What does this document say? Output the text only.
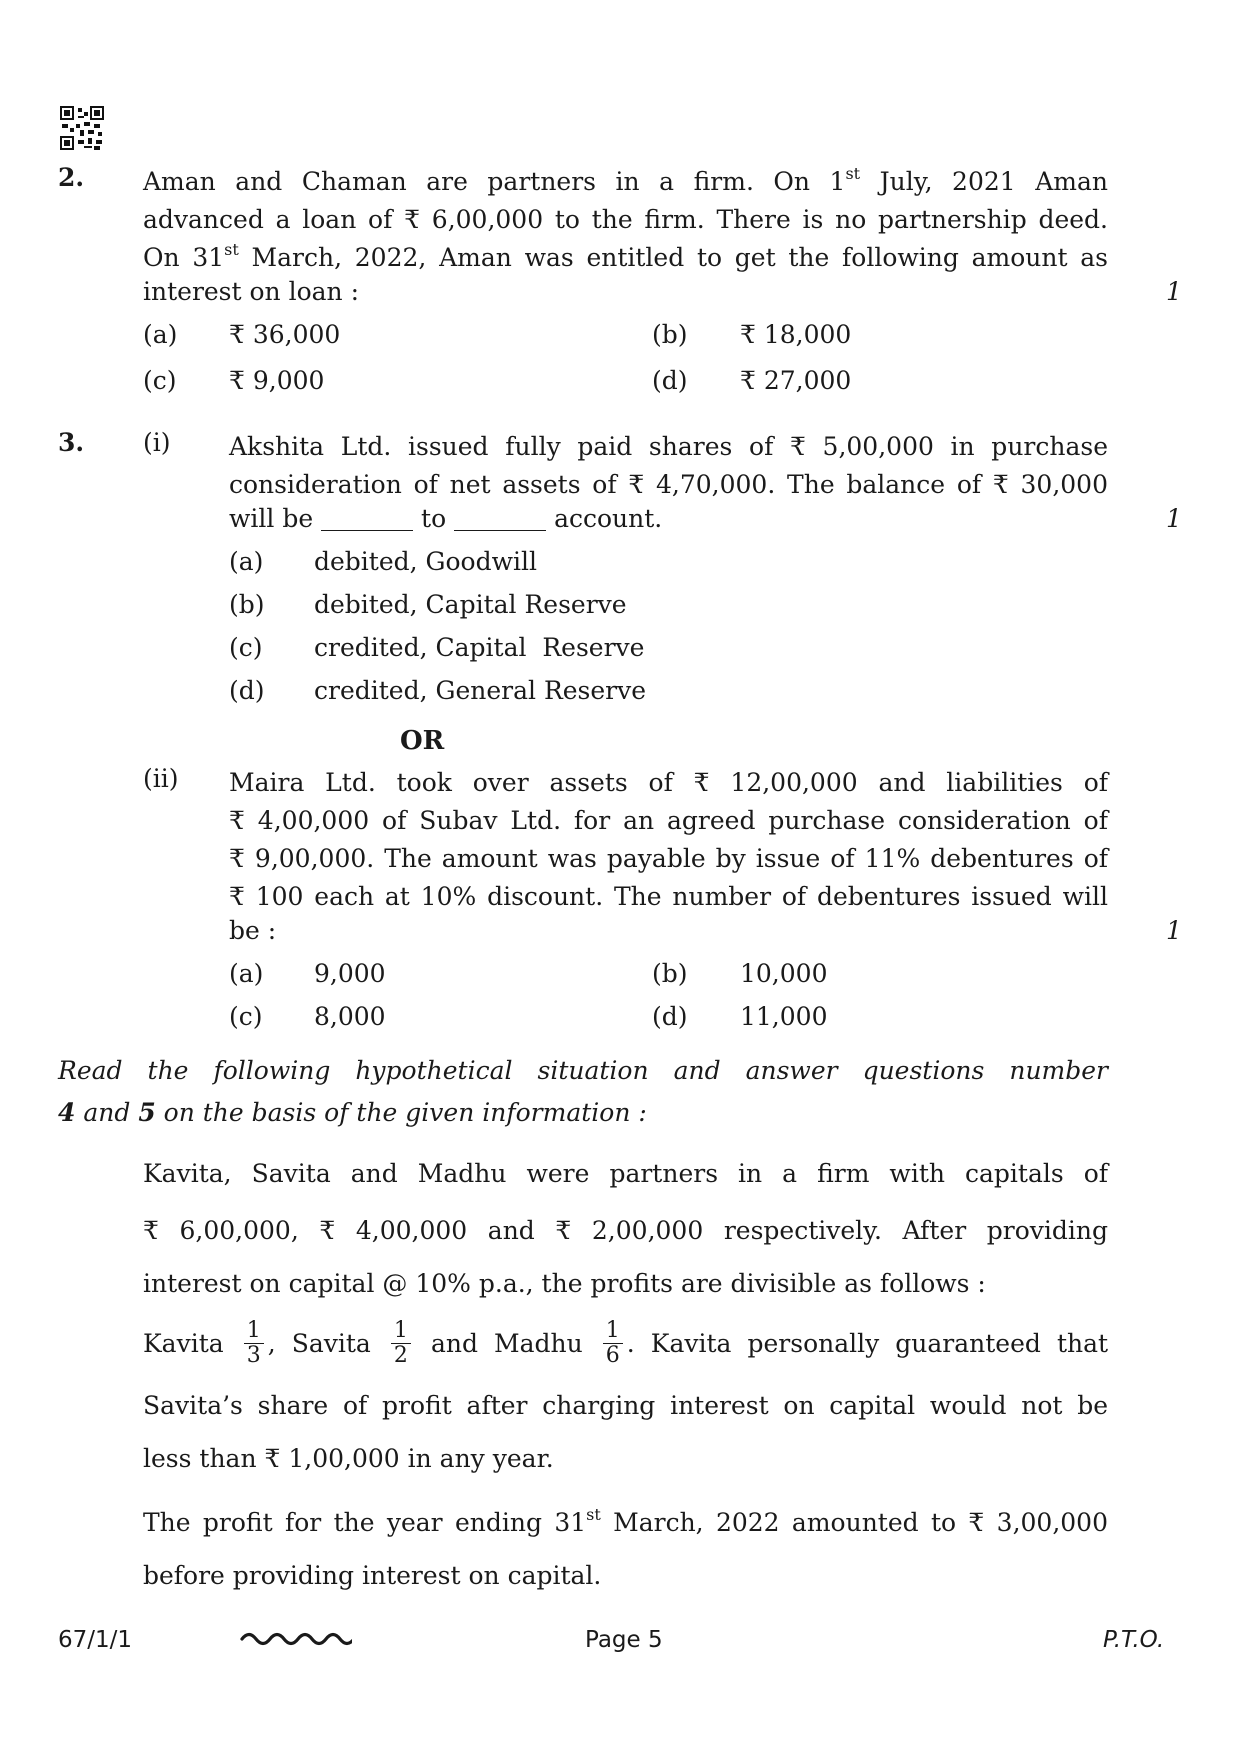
2. Aman and Chaman are partners in a firm. On 1st July, 2021 Aman
advanced a loan of ₹ 6,00,000 to the firm. There is no partnership deed.
On 31st March, 2022, Aman was entitled to get the following amount as
interest on loan :	1
(a) ₹ 36,000	(b) ₹ 18,000
(c) ₹ 9,000	(d) ₹ 27,000
3. (i) Akshita Ltd. issued fully paid shares of ₹ 5,00,000 in purchase
consideration of net assets of ₹ 4,70,000. The balance of ₹ 30,000
will be	to	account.	1
(a) debited, Goodwill
(b) debited, Capital Reserve
(c) credited, Capital  Reserve
(d) credited, General Reserve
OR
(ii) Maira Ltd. took over assets of ₹ 12,00,000 and liabilities of
₹ 4,00,000 of Subav Ltd. for an agreed purchase consideration of
₹ 9,00,000. The amount was payable by issue of 11% debentures of
₹ 100 each at 10% discount. The number of debentures issued will
be :	1
(a) 9,000	(b) 10,000
(c) 8,000	(d) 11,000
Read the following hypothetical situation and answer questions number
4 and 5 on the basis of the given information :
Kavita, Savita and Madhu were partners in a firm with capitals of
₹ 6,00,000, ₹ 4,00,000 and ₹ 2,00,000 respectively. After providing
interest on capital @ 10% p.a., the profits are divisible as follows :
Kavita $\frac{1}{3}$ , Savita $\frac{1}{2}$ and Madhu $\frac{1}{6}$ . Kavita personally guaranteed that
Savita’s share of profit after charging interest on capital would not be
less than ₹ 1,00,000 in any year.
The profit for the year ending 31st March, 2022 amounted to ₹ 3,00,000
before providing interest on capital.
67/1/1	Page 5	P.T.O.
